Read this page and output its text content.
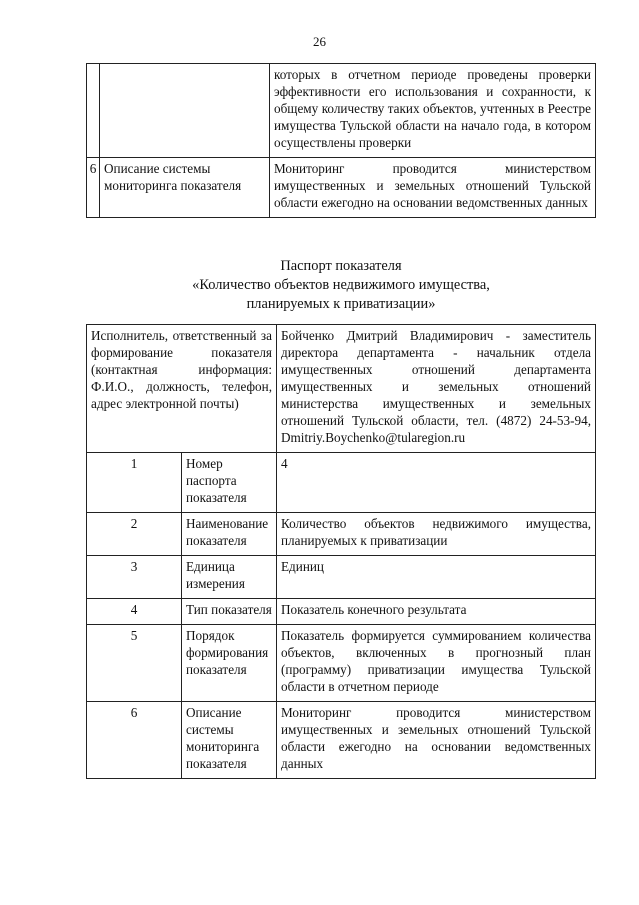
26
		которых в отчетном периоде проведены проверки эффективности его использования и сохранности, к общему количеству таких объектов, учтенных в Реестре имущества Тульской области на начало года, в котором осуществлены проверки
6	Описание системы мониторинга показателя	Мониторинг проводится министерством имущественных и земельных отношений Тульской области ежегодно на основании ведомственных данных
Паспорт показателя
«Количество объектов недвижимого имущества,
планируемых к приватизации»
Исполнитель, ответственный за формирование показателя (контактная информация: Ф.И.О., должность, телефон, адрес электронной почты)		Бойченко Дмитрий Владимирович - заместитель директора департамента - начальник отдела имущественных отношений департамента имущественных и земельных отношений министерства имущественных и земельных отношений Тульской области, тел. (4872) 24-53-94, Dmitriy.Boychenko@tularegion.ru
1	Номер паспорта показателя	4
2	Наименование показателя	Количество объектов недвижимого имущества, планируемых к приватизации
3	Единица измерения	Единиц
4	Тип показателя	Показатель конечного результата
5	Порядок формирования показателя	Показатель формируется суммированием количества объектов, включенных в прогнозный план (программу) приватизации имущества Тульской области в отчетном периоде
6	Описание системы мониторинга показателя	Мониторинг проводится министерством имущественных и земельных отношений Тульской области ежегодно на основании ведомственных данных
